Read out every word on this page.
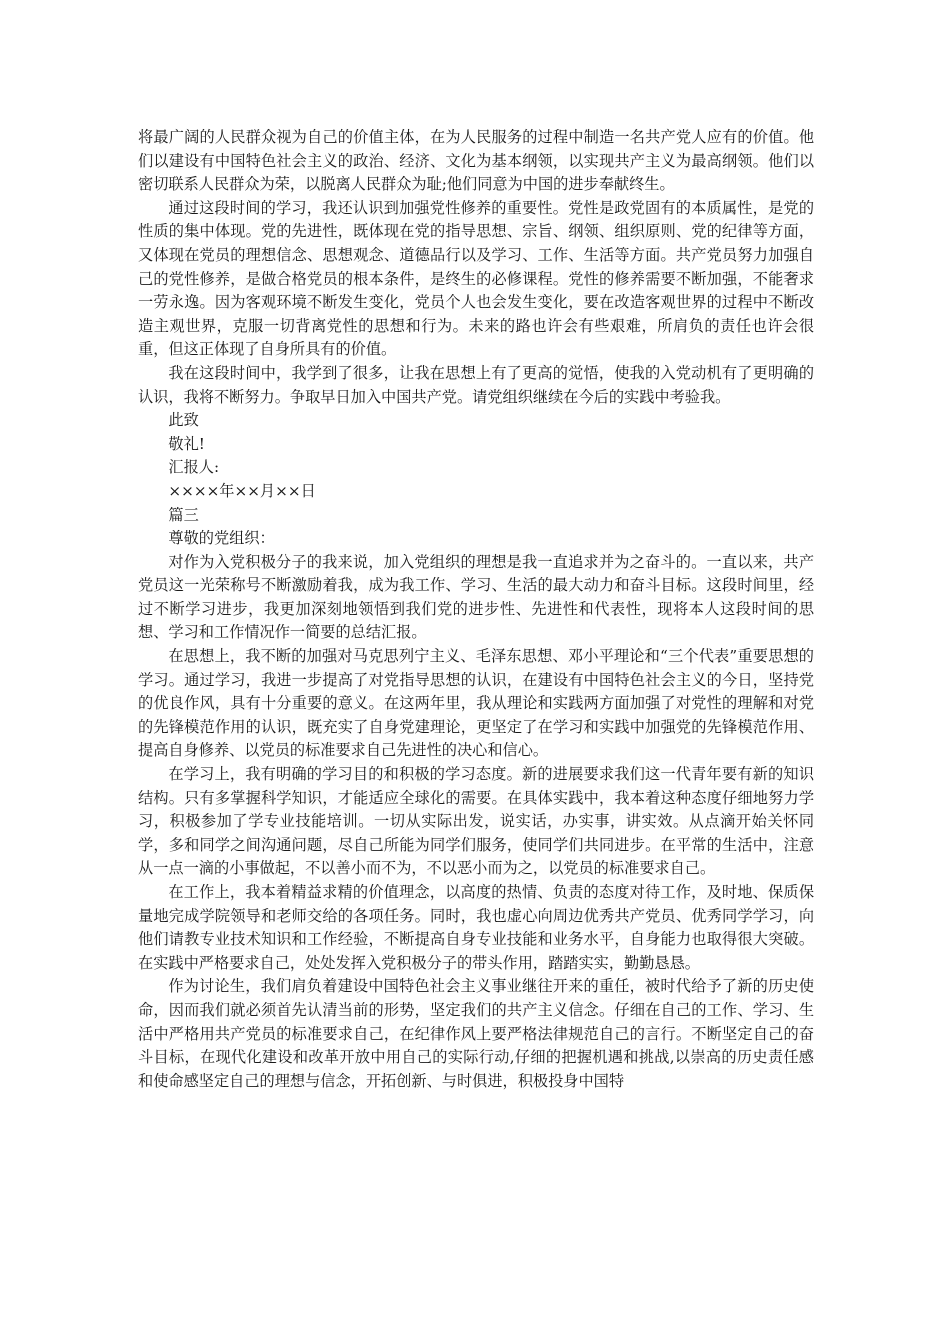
将最广阔的人民群众视为自己的价值主体，在为人民服务的过程中制造一名共产党人应有的价值。他们以建设有中国特色社会主义的政治、经济、文化为基本纲领，以实现共产主义为最高纲领。他们以密切联系人民群众为荣，以脱离人民群众为耻;他们同意为中国的进步奉献终生。

通过这段时间的学习，我还认识到加强党性修养的重要性。党性是政党固有的本质属性，是党的性质的集中体现。党的先进性，既体现在党的指导思想、宗旨、纲领、组织原则、党的纪律等方面，又体现在党员的理想信念、思想观念、道德品行以及学习、工作、生活等方面。共产党员努力加强自己的党性修养，是做合格党员的根本条件，是终生的必修课程。党性的修养需要不断加强，不能奢求一劳永逸。因为客观环境不断发生变化，党员个人也会发生变化，要在改造客观世界的过程中不断改造主观世界，克服一切背离党性的思想和行为。未来的路也许会有些艰难，所肩负的责任也许会很重，但这正体现了自身所具有的价值。

我在这段时间中，我学到了很多，让我在思想上有了更高的觉悟，使我的入党动机有了更明确的认识，我将不断努力。争取早日加入中国共产党。请党组织继续在今后的实践中考验我。

此致

敬礼!

汇报人:

××××年××月××日

篇三

尊敬的党组织：

对作为入党积极分子的我来说，加入党组织的理想是我一直追求并为之奋斗的。一直以来，共产党员这一光荣称号不断激励着我，成为我工作、学习、生活的最大动力和奋斗目标。这段时间里，经过不断学习进步，我更加深刻地领悟到我们党的进步性、先进性和代表性，现将本人这段时间的思想、学习和工作情况作一简要的总结汇报。

在思想上，我不断的加强对马克思列宁主义、毛泽东思想、邓小平理论和“三个代表”重要思想的学习。通过学习，我进一步提高了对党指导思想的认识，在建设有中国特色社会主义的今日，坚持党的优良作风，具有十分重要的意义。在这两年里，我从理论和实践两方面加强了对党性的理解和对党的先锋模范作用的认识，既充实了自身党建理论，更坚定了在学习和实践中加强党的先锋模范作用、提高自身修养、以党员的标准要求自己先进性的决心和信心。

在学习上，我有明确的学习目的和积极的学习态度。新的进展要求我们这一代青年要有新的知识结构。只有多掌握科学知识，才能适应全球化的需要。在具体实践中，我本着这种态度仔细地努力学习，积极参加了学专业技能培训。一切从实际出发，说实话，办实事，讲实效。从点滴开始关怀同学，多和同学之间沟通问题，尽自己所能为同学们服务，使同学们共同进步。在平常的生活中，注意从一点一滴的小事做起，不以善小而不为，不以恶小而为之，以党员的标准要求自己。

在工作上，我本着精益求精的价值理念，以高度的热情、负责的态度对待工作，及时地、保质保量地完成学院领导和老师交给的各项任务。同时，我也虚心向周边优秀共产党员、优秀同学学习，向他们请教专业技术知识和工作经验，不断提高自身专业技能和业务水平，自身能力也取得很大突破。在实践中严格要求自己，处处发挥入党积极分子的带头作用，踏踏实实，勤勤恳恳。

作为讨论生，我们肩负着建设中国特色社会主义事业继往开来的重任，被时代给予了新的历史使命，因而我们就必须首先认清当前的形势，坚定我们的共产主义信念。仔细在自己的工作、学习、生活中严格用共产党员的标准要求自己，在纪律作风上要严格法律规范自己的言行。不断坚定自己的奋斗目标，在现代化建设和改革开放中用自己的实际行动,仔细的把握机遇和挑战,以崇高的历史责任感和使命感坚定自己的理想与信念，开拓创新、与时俱进，积极投身中国特
